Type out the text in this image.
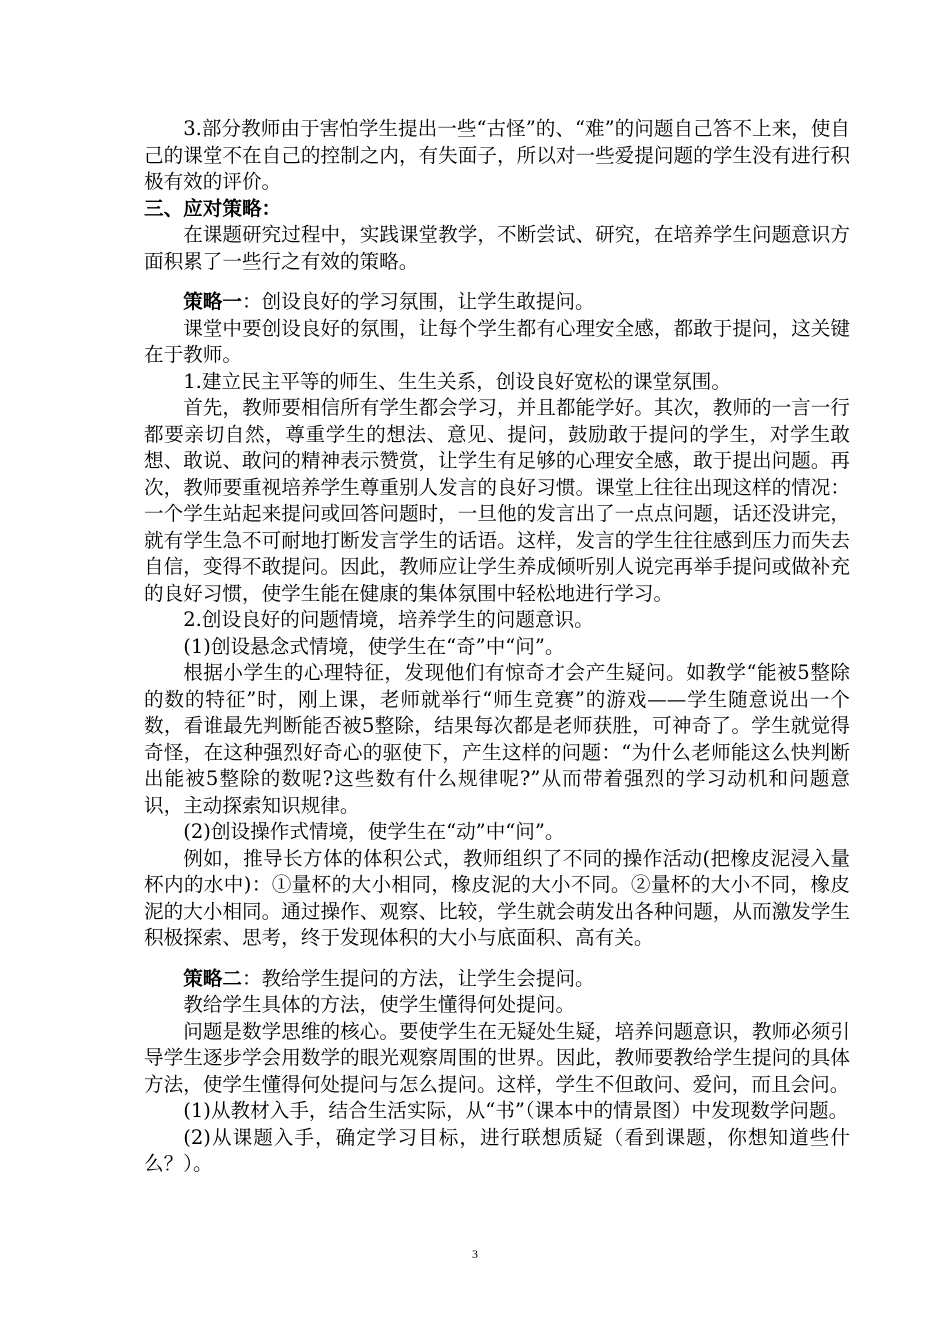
3.部分教师由于害怕学生提出一些“古怪”的、“难”的问题自己答不上来，使自己的课堂不在自己的控制之内，有失面子，所以对一些爱提问题的学生没有进行积极有效的评价。

三、应对策略：

在课题研究过程中，实践课堂教学，不断尝试、研究，在培养学生问题意识方面积累了一些行之有效的策略。

策略一：创设良好的学习氛围，让学生敢提问。

课堂中要创设良好的氛围，让每个学生都有心理安全感，都敢于提问，这关键在于教师。

1.建立民主平等的师生、生生关系，创设良好宽松的课堂氛围。

首先，教师要相信所有学生都会学习，并且都能学好。其次，教师的一言一行都要亲切自然，尊重学生的想法、意见、提问，鼓励敢于提问的学生，对学生敢想、敢说、敢问的精神表示赞赏，让学生有足够的心理安全感，敢于提出问题。再次，教师要重视培养学生尊重别人发言的良好习惯。课堂上往往出现这样的情况：一个学生站起来提问或回答问题时，一旦他的发言出了一点点问题，话还没讲完，就有学生急不可耐地打断发言学生的话语。这样，发言的学生往往感到压力而失去自信，变得不敢提问。因此，教师应让学生养成倾听别人说完再举手提问或做补充的良好习惯，使学生能在健康的集体氛围中轻松地进行学习。

2.创设良好的问题情境，培养学生的问题意识。

(1)创设悬念式情境，使学生在“奇”中“问”。

根据小学生的心理特征，发现他们有惊奇才会产生疑问。如教学“能被5整除的数的特征”时，刚上课，老师就举行“师生竞赛”的游戏——学生随意说出一个数，看谁最先判断能否被5整除，结果每次都是老师获胜，可神奇了。学生就觉得奇怪，在这种强烈好奇心的驱使下，产生这样的问题：“为什么老师能这么快判断出能被5整除的数呢?这些数有什么规律呢?”从而带着强烈的学习动机和问题意识，主动探索知识规律。

(2)创设操作式情境，使学生在“动”中“问”。

例如，推导长方体的体积公式，教师组织了不同的操作活动(把橡皮泥浸入量杯内的水中)：①量杯的大小相同，橡皮泥的大小不同。②量杯的大小不同，橡皮泥的大小相同。通过操作、观察、比较，学生就会萌发出各种问题，从而激发学生积极探索、思考，终于发现体积的大小与底面积、高有关。

策略二：教给学生提问的方法，让学生会提问。

教给学生具体的方法，使学生懂得何处提问。

问题是数学思维的核心。要使学生在无疑处生疑，培养问题意识，教师必须引导学生逐步学会用数学的眼光观察周围的世界。因此，教师要教给学生提问的具体方法，使学生懂得何处提问与怎么提问。这样，学生不但敢问、爱问，而且会问。

(1)从教材入手，结合生活实际，从“书”（课本中的情景图）中发现数学问题。

(2)从课题入手，确定学习目标，进行联想质疑（看到课题，你想知道些什么？）。

3
